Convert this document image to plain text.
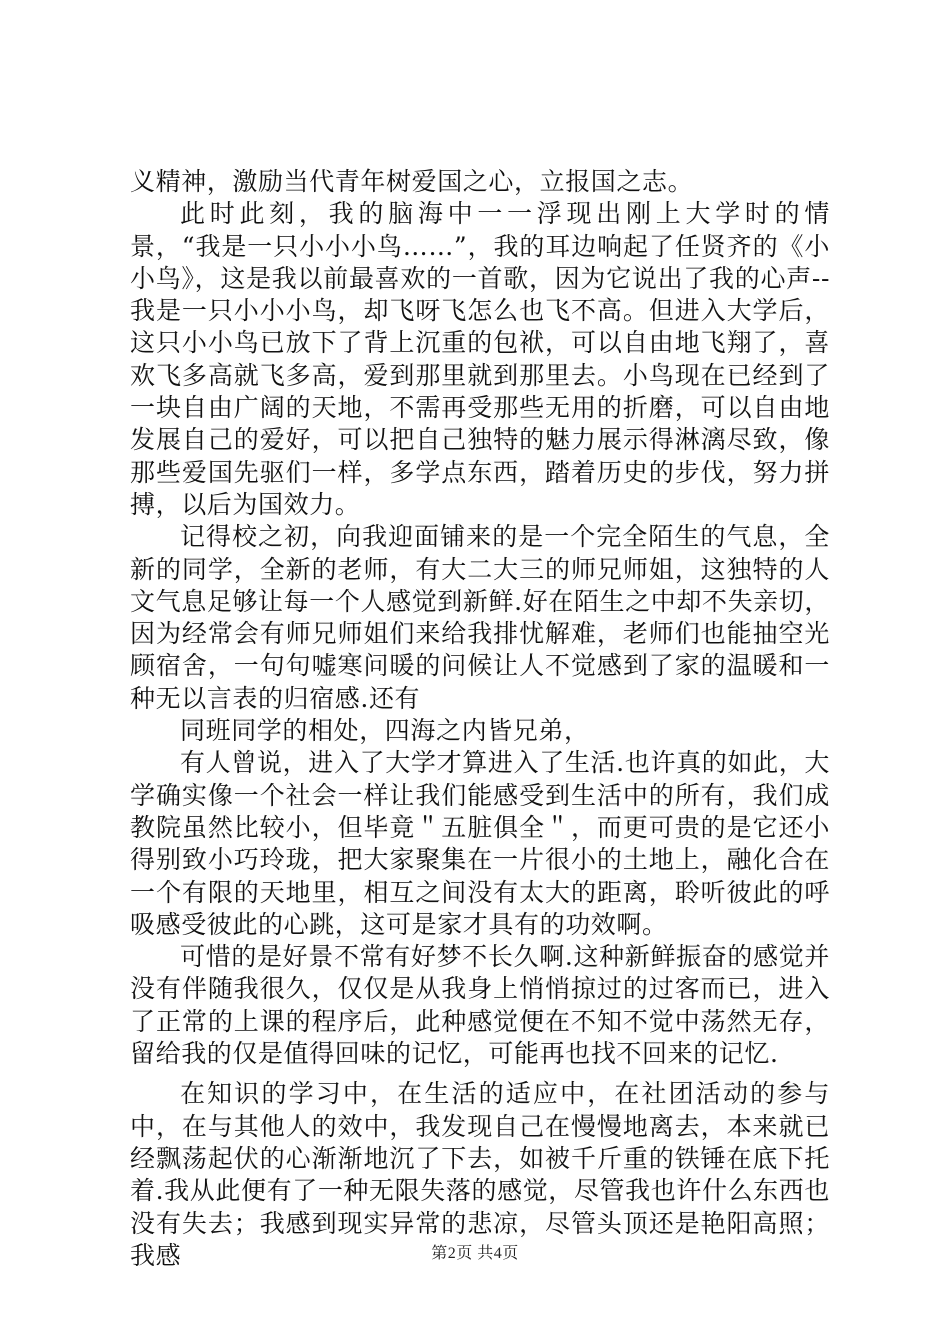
义精神，激励当代青年树爱国之心，立报国之志。

此时此刻，我的脑海中一一浮现出刚上大学时的情景，“我是一只小小小鸟……”，我的耳边响起了任贤齐的《小小鸟》，这是我以前最喜欢的一首歌，因为它说出了我的心声--我是一只小小小鸟，却飞呀飞怎么也飞不高。但进入大学后，这只小小鸟已放下了背上沉重的包袱，可以自由地飞翔了，喜欢飞多高就飞多高，爱到那里就到那里去。小鸟现在已经到了一块自由广阔的天地，不需再受那些无用的折磨，可以自由地发展自己的爱好，可以把自己独特的魅力展示得淋漓尽致，像那些爱国先驱们一样，多学点东西，踏着历史的步伐，努力拼搏，以后为国效力。

记得校之初，向我迎面铺来的是一个完全陌生的气息，全新的同学，全新的老师，有大二大三的师兄师姐，这独特的人文气息足够让每一个人感觉到新鲜.好在陌生之中却不失亲切，因为经常会有师兄师姐们来给我排忧解难，老师们也能抽空光顾宿舍，一句句嘘寒问暖的问候让人不觉感到了家的温暖和一种无以言表的归宿感.还有

同班同学的相处，四海之内皆兄弟，

有人曾说，进入了大学才算进入了生活.也许真的如此，大学确实像一个社会一样让我们能感受到生活中的所有，我们成教院虽然比较小，但毕竟＂五脏俱全＂，而更可贵的是它还小得别致小巧玲珑，把大家聚集在一片很小的土地上，融化合在一个有限的天地里，相互之间没有太大的距离，聆听彼此的呼吸感受彼此的心跳，这可是家才具有的功效啊。

可惜的是好景不常有好梦不长久啊.这种新鲜振奋的感觉并没有伴随我很久，仅仅是从我身上悄悄掠过的过客而已，进入了正常的上课的程序后，此种感觉便在不知不觉中荡然无存，留给我的仅是值得回味的记忆，可能再也找不回来的记忆.

在知识的学习中，在生活的适应中，在社团活动的参与中，在与其他人的效中，我发现自己在慢慢地离去，本来就已经飘荡起伏的心渐渐地沉了下去，如被千斤重的铁锤在底下托着.我从此便有了一种无限失落的感觉，尽管我也许什么东西也没有失去；我感到现实异常的悲凉，尽管头顶还是艳阳高照；我感	第2页 共4页
